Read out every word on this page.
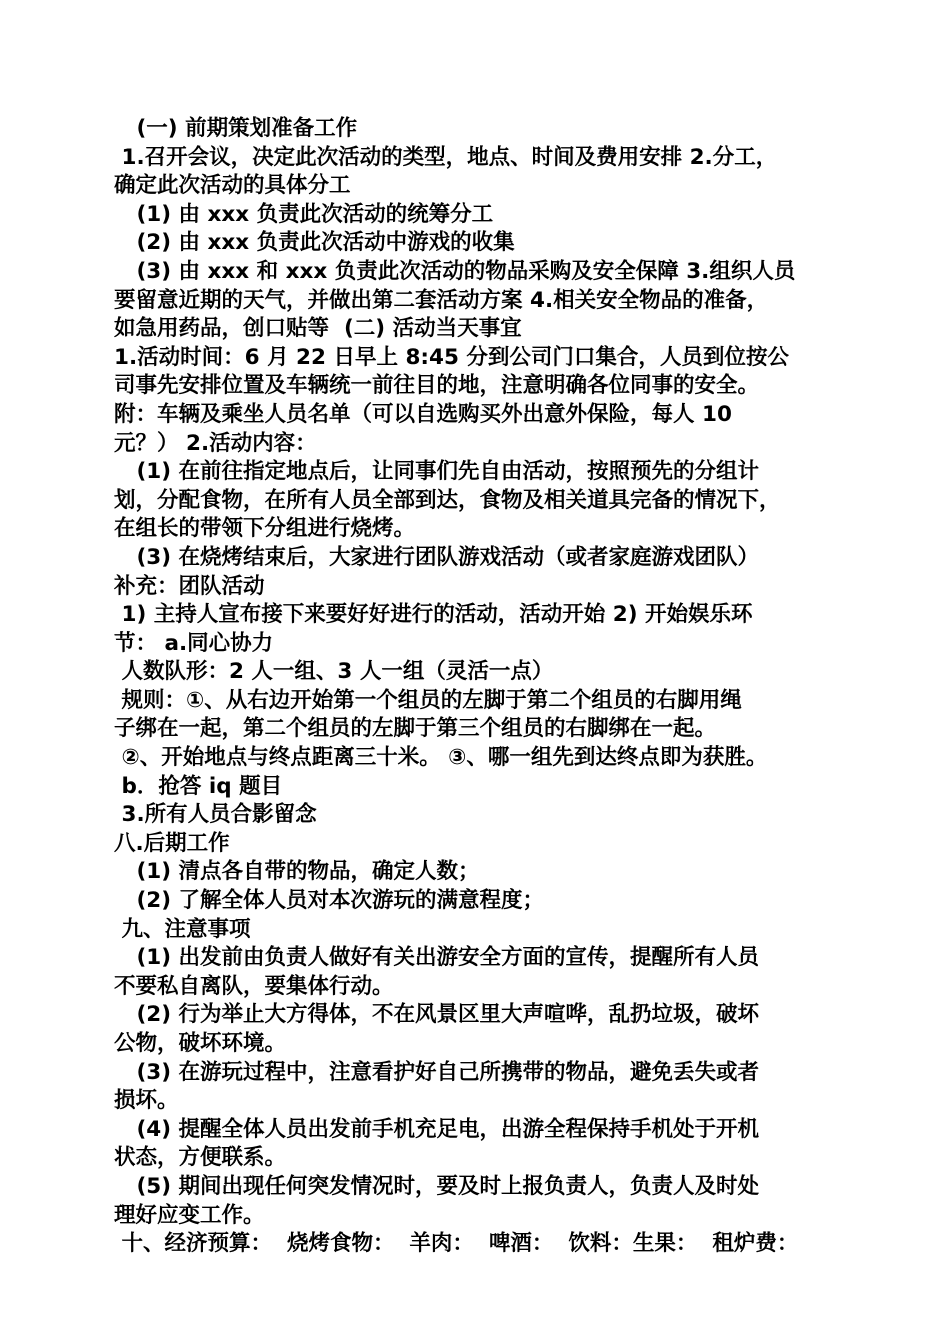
(一) 前期策划准备工作
1.召开会议，决定此次活动的类型，地点、时间及费用安排 2.分工，
确定此次活动的具体分工
(1) 由 xxx 负责此次活动的统筹分工
(2) 由 xxx 负责此次活动中游戏的收集
(3) 由 xxx 和 xxx 负责此次活动的物品采购及安全保障 3.组织人员
要留意近期的天气，并做出第二套活动方案 4.相关安全物品的准备，
如急用药品，创口贴等  (二) 活动当天事宜
1.活动时间：6 月 22 日早上 8:45 分到公司门口集合，人员到位按公
司事先安排位置及车辆统一前往目的地，注意明确各位同事的安全。
附：车辆及乘坐人员名单（可以自选购买外出意外保险，每人 10
元？） 2.活动内容：
(1) 在前往指定地点后，让同事们先自由活动，按照预先的分组计
划，分配食物，在所有人员全部到达，食物及相关道具完备的情况下，
在组长的带领下分组进行烧烤。
(3) 在烧烤结束后，大家进行团队游戏活动（或者家庭游戏团队）
补充：团队活动
1) 主持人宣布接下来要好好进行的活动，活动开始 2) 开始娱乐环
节： a.同心协力
人数队形：2 人一组、3 人一组（灵活一点）
规则：①、从右边开始第一个组员的左脚于第二个组员的右脚用绳
子绑在一起，第二个组员的左脚于第三个组员的右脚绑在一起。
②、开始地点与终点距离三十米。 ③、哪一组先到达终点即为获胜。
b．抢答 iq 题目
3.所有人员合影留念
八.后期工作
(1) 清点各自带的物品，确定人数；
(2) 了解全体人员对本次游玩的满意程度；
九、注意事项
(1) 出发前由负责人做好有关出游安全方面的宣传，提醒所有人员
不要私自离队，要集体行动。
(2) 行为举止大方得体，不在风景区里大声喧哗，乱扔垃圾，破坏
公物，破坏环境。
(3) 在游玩过程中，注意看护好自己所携带的物品，避免丢失或者
损坏。
(4) 提醒全体人员出发前手机充足电，出游全程保持手机处于开机
状态，方便联系。
(5) 期间出现任何突发情况时，要及时上报负责人，负责人及时处
理好应变工作。
十、经济预算：  烧烤食物：  羊肉：  啤酒：  饮料：生果：  租炉费：
